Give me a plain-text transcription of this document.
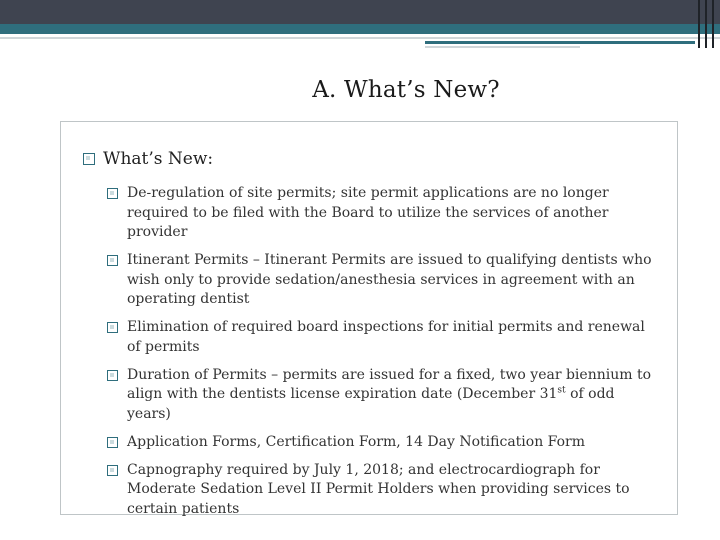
A. What’s New?
What’s New:
De-regulation of site permits; site permit applications are no longer required to be filed with the Board to utilize the services of another provider
Itinerant Permits – Itinerant Permits are issued to qualifying dentists who wish only to provide sedation/anesthesia services in agreement with an operating dentist
Elimination of required board inspections for initial permits and renewal of permits
Duration of Permits – permits are issued for a fixed, two year biennium to align with the dentists license expiration date (December 31st of odd years)
Application Forms, Certification Form, 14 Day Notification Form
Capnography required by July 1, 2018; and electrocardiograph for Moderate Sedation Level II Permit Holders when providing services to certain patients
